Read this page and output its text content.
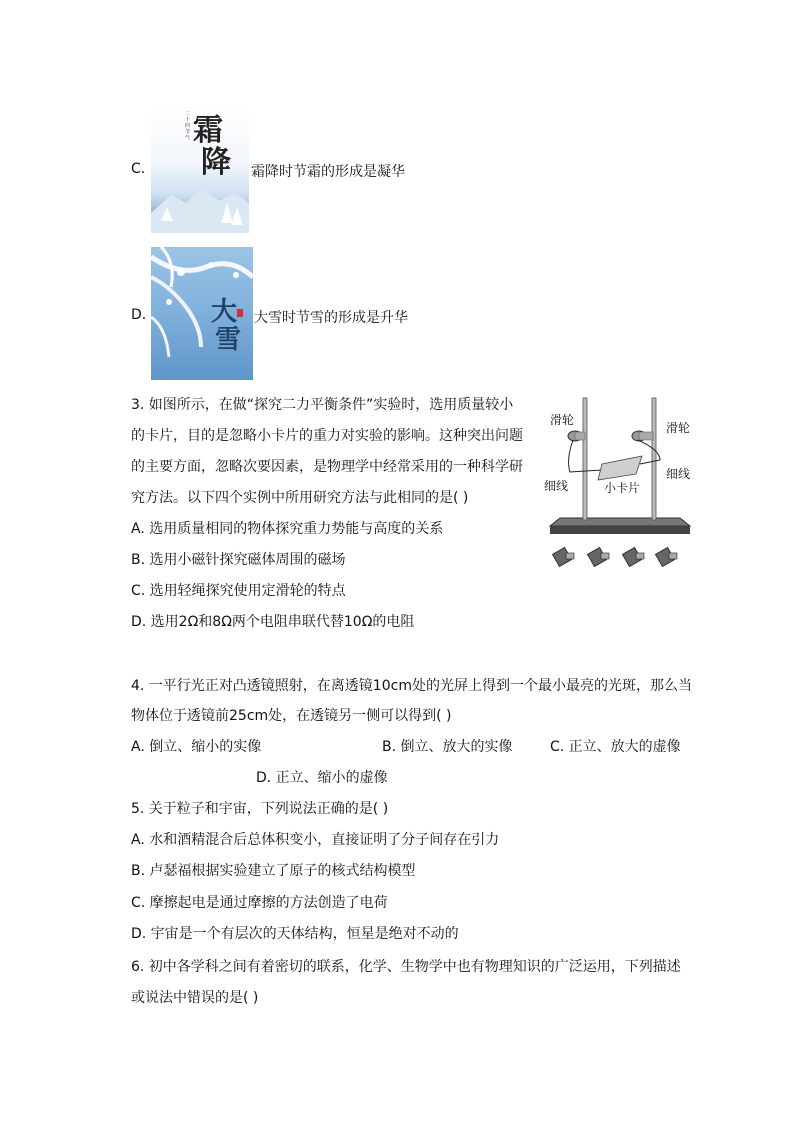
C.
霜
降
二十四节气
霜降时节霜的形成是凝华
D. 大
雪
大雪时节雪的形成是升华
3. 如图所示，在做“探究二力平衡条件”实验时，选用质量较小
的卡片，目的是忽略小卡片的重力对实验的影响。这种突出问题
的主要方面，忽略次要因素，是物理学中经常采用的一种科学研
究方法。以下四个实例中所用研究方法与此相同的是( )
A. 选用质量相同的物体探究重力势能与高度的关系
B. 选用小磁针探究磁体周围的磁场
C. 选用轻绳探究使用定滑轮的特点
D. 选用2Ω和8Ω两个电阻串联代替10Ω的电阻
滑轮
滑轮
细线
细线
小卡片
4. 一平行光正对凸透镜照射，在离透镜10cm处的光屏上得到一个最小最亮的光斑，那么当
物体位于透镜前25cm处，在透镜另一侧可以得到( )
A. 倒立、缩小的实像	B. 倒立、放大的实像	C. 正立、放大的虚像
D. 正立、缩小的虚像
5. 关于粒子和宇宙，下列说法正确的是( )
A. 水和酒精混合后总体积变小，直接证明了分子间存在引力
B. 卢瑟福根据实验建立了原子的核式结构模型
C. 摩擦起电是通过摩擦的方法创造了电荷
D. 宇宙是一个有层次的天体结构，恒星是绝对不动的
6. 初中各学科之间有着密切的联系，化学、生物学中也有物理知识的广泛运用，下列描述
或说法中错误的是( )
